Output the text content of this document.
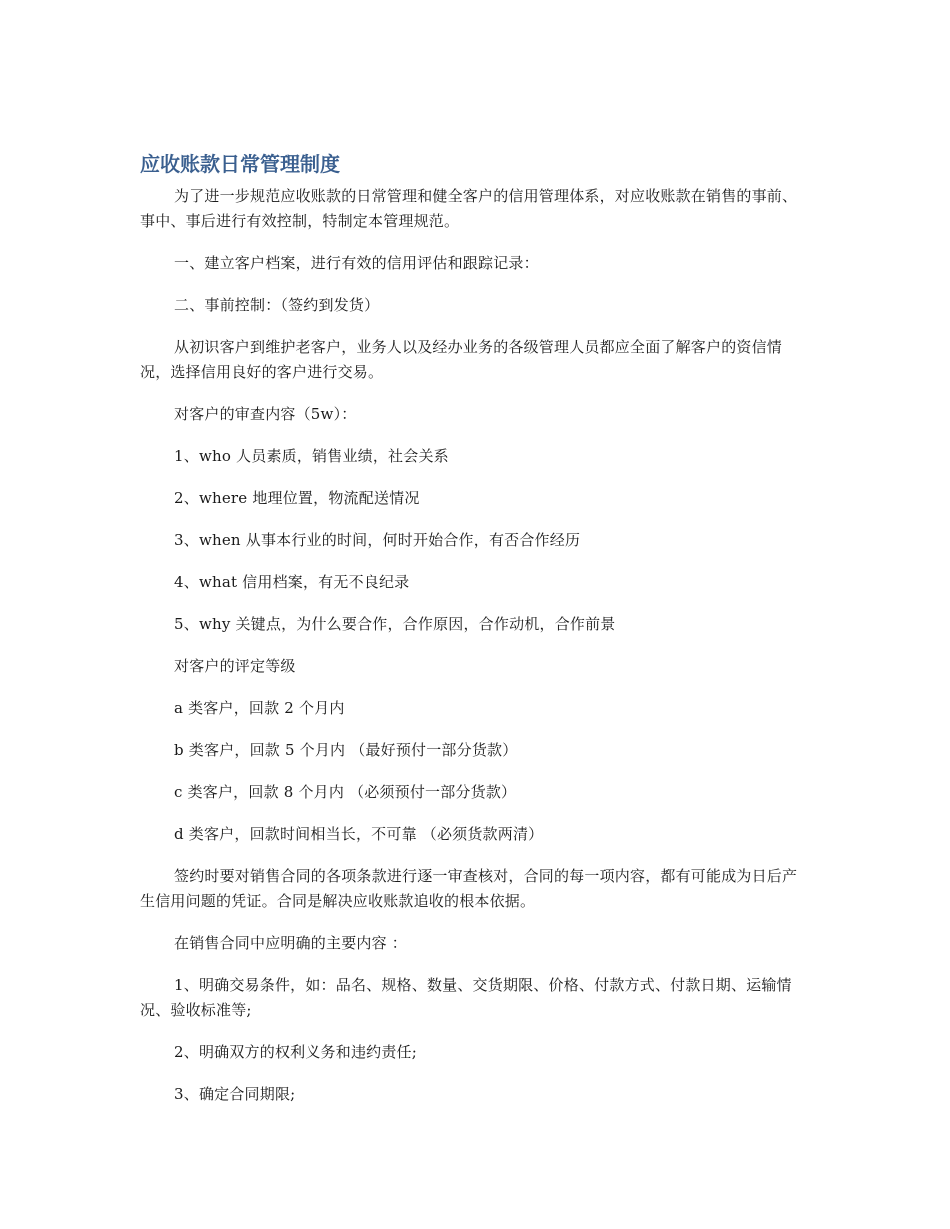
应收账款日常管理制度

为了进一步规范应收账款的日常管理和健全客户的信用管理体系，对应收账款在销售的事前、事中、事后进行有效控制，特制定本管理规范。

一、建立客户档案，进行有效的信用评估和跟踪记录：

二、事前控制：（签约到发货）

从初识客户到维护老客户，业务人以及经办业务的各级管理人员都应全面了解客户的资信情况，选择信用良好的客户进行交易。

对客户的审查内容（5w）：

1、who 人员素质，销售业绩，社会关系

2、where 地理位置，物流配送情况

3、when 从事本行业的时间，何时开始合作，有否合作经历

4、what 信用档案，有无不良纪录

5、why 关键点，为什么要合作，合作原因，合作动机，合作前景

对客户的评定等级

a 类客户，回款 2 个月内

b 类客户，回款 5 个月内 （最好预付一部分货款）

c 类客户，回款 8 个月内 （必须预付一部分货款）

d 类客户，回款时间相当长，不可靠 （必须货款两清）

签约时要对销售合同的各项条款进行逐一审查核对，合同的每一项内容，都有可能成为日后产生信用问题的凭证。合同是解决应收账款追收的根本依据。

在销售合同中应明确的主要内容 ：

1、明确交易条件，如：品名、规格、数量、交货期限、价格、付款方式、付款日期、运输情况、验收标准等;

2、明确双方的权利义务和违约责任;

3、确定合同期限;
